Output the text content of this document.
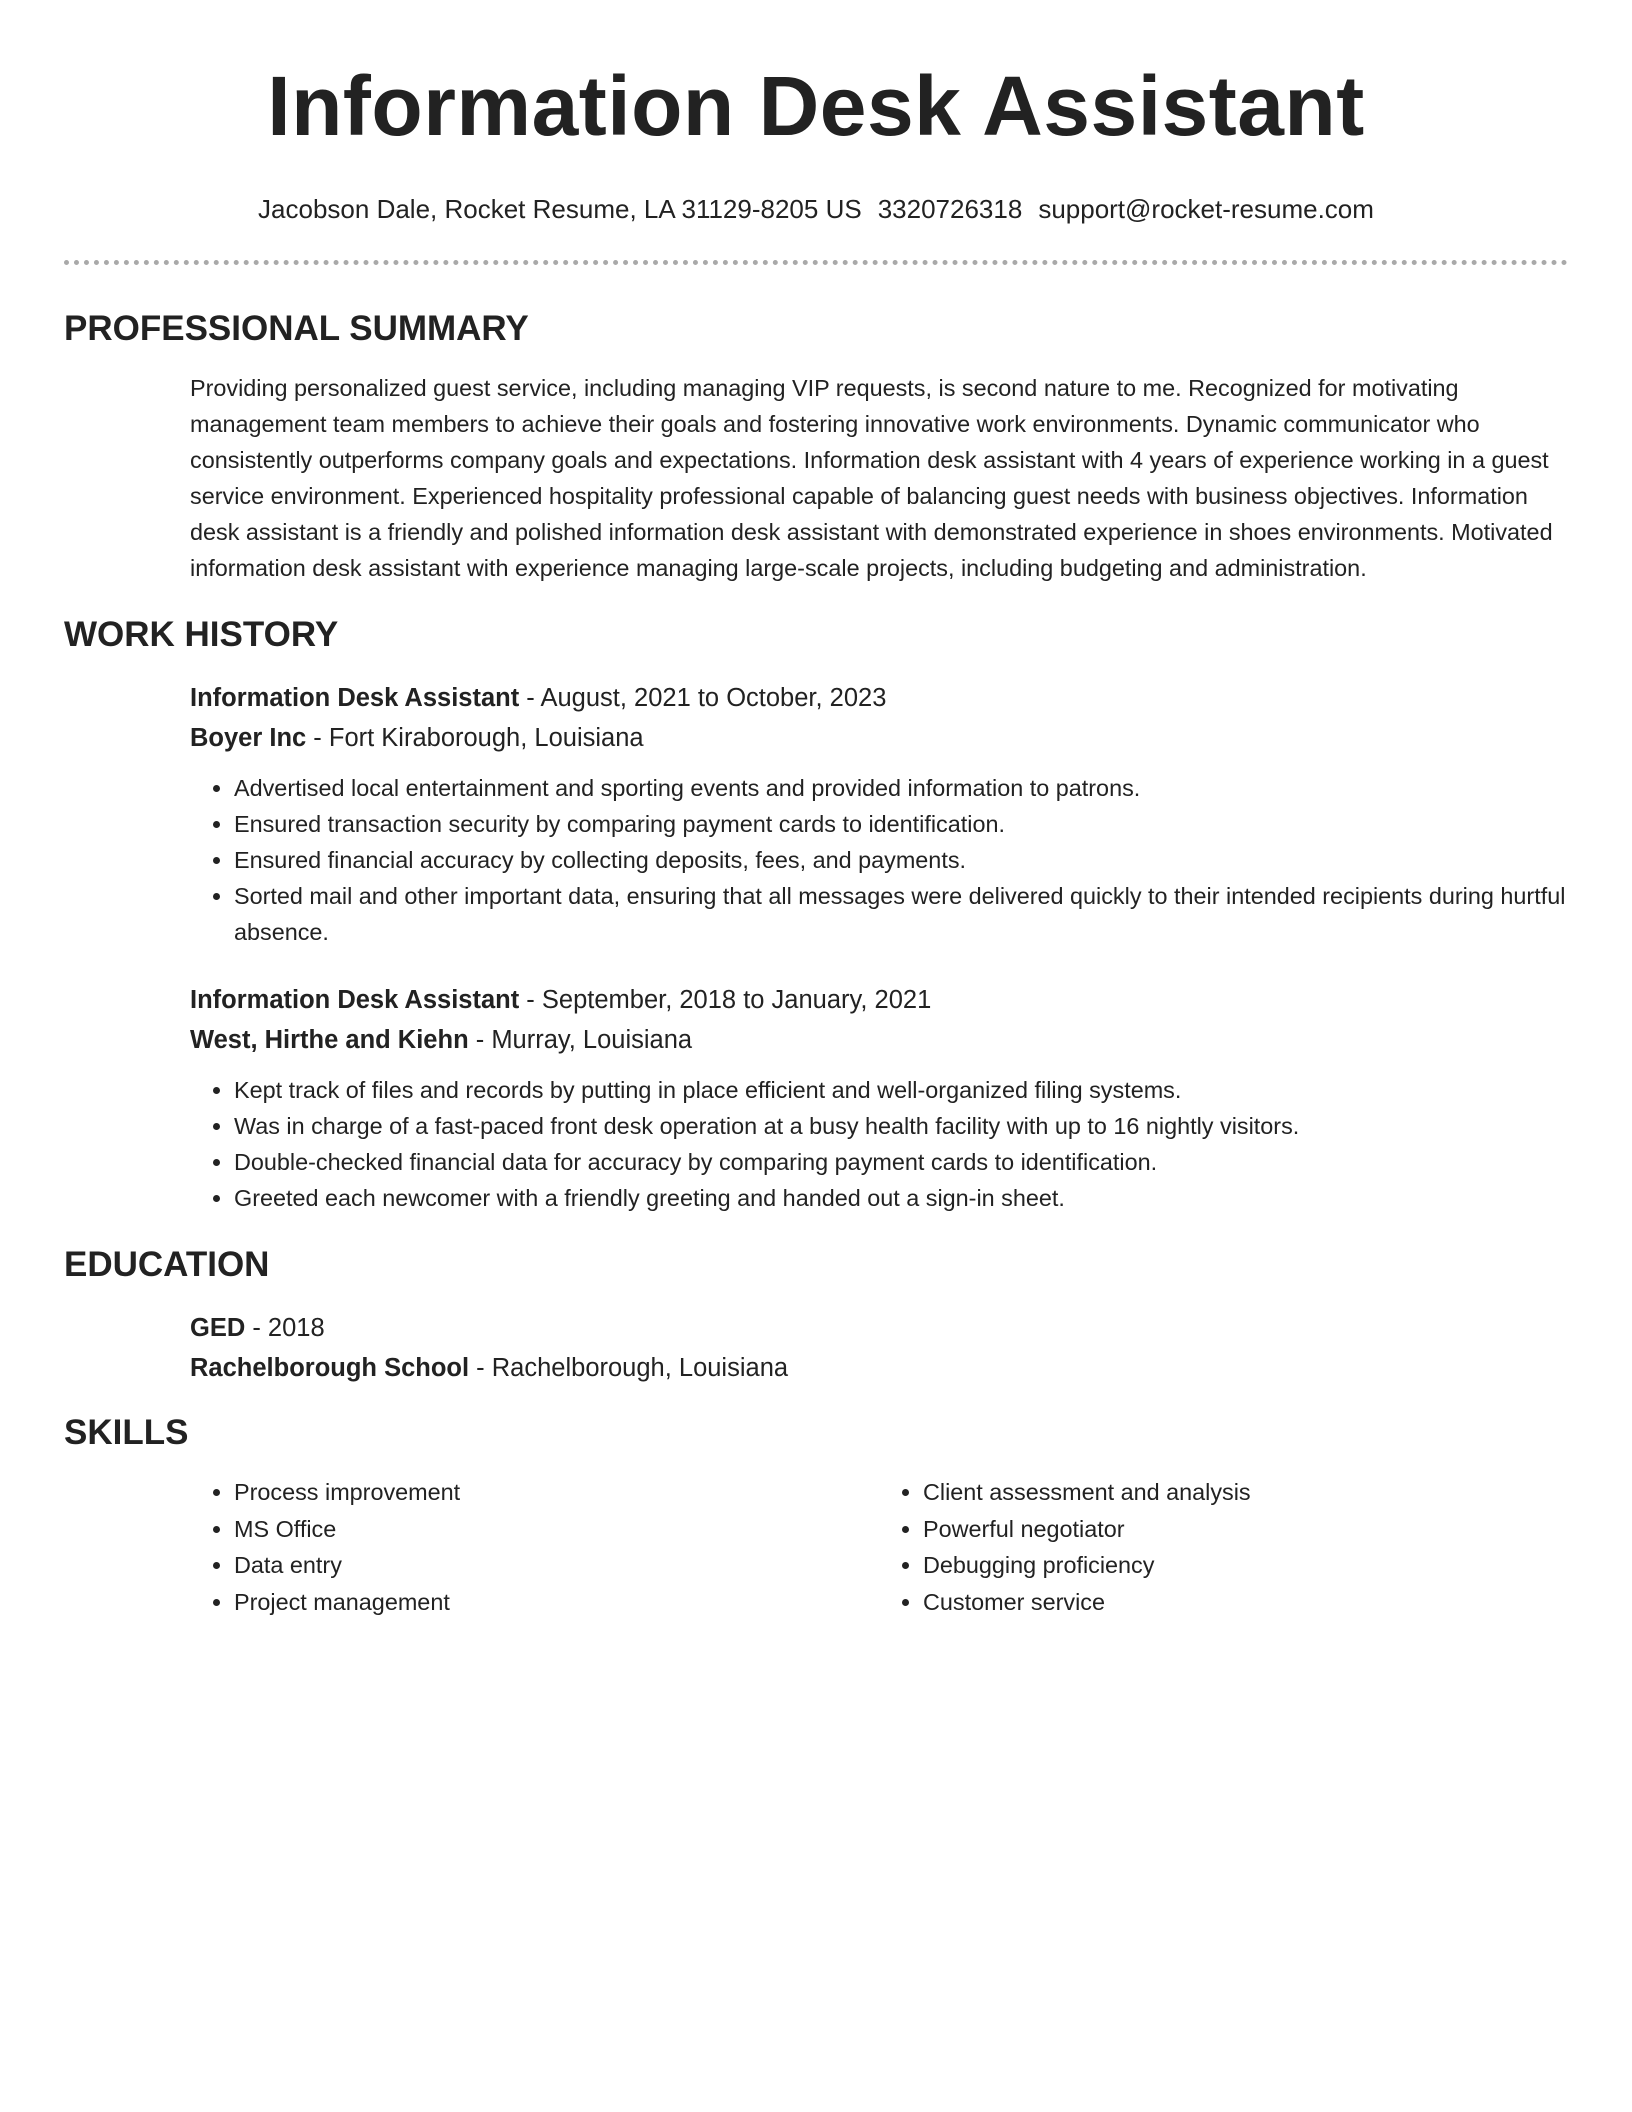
Information Desk Assistant
Jacobson Dale, Rocket Resume, LA 31129-8205 US 3320726318 support@rocket-resume.com
PROFESSIONAL SUMMARY

Providing personalized guest service, including managing VIP requests, is second nature to me. Recognized for motivating management team members to achieve their goals and fostering innovative work environments. Dynamic communicator who consistently outperforms company goals and expectations. Information desk assistant with 4 years of experience working in a guest service environment. Experienced hospitality professional capable of balancing guest needs with business objectives. Information desk assistant is a friendly and polished information desk assistant with demonstrated experience in shoes environments. Motivated information desk assistant with experience managing large-scale projects, including budgeting and administration.

WORK HISTORY

Information Desk Assistant - August, 2021 to October, 2023

Boyer Inc - Fort Kiraborough, Louisiana

• Advertised local entertainment and sporting events and provided information to patrons.
• Ensured transaction security by comparing payment cards to identification.
• Ensured financial accuracy by collecting deposits, fees, and payments.
• Sorted mail and other important data, ensuring that all messages were delivered quickly to their intended recipients during hurtful absence.

Information Desk Assistant - September, 2018 to January, 2021

West, Hirthe and Kiehn - Murray, Louisiana

• Kept track of files and records by putting in place efficient and well-organized filing systems.
• Was in charge of a fast-paced front desk operation at a busy health facility with up to 16 nightly visitors.
• Double-checked financial data for accuracy by comparing payment cards to identification.
• Greeted each newcomer with a friendly greeting and handed out a sign-in sheet.
EDUCATION

GED - 2018

Rachelborough School - Rachelborough, Louisiana

SKILLS
• Process improvement
• MS Office
• Data entry
• Project management
• Client assessment and analysis
• Powerful negotiator
• Debugging proficiency
• Customer service
